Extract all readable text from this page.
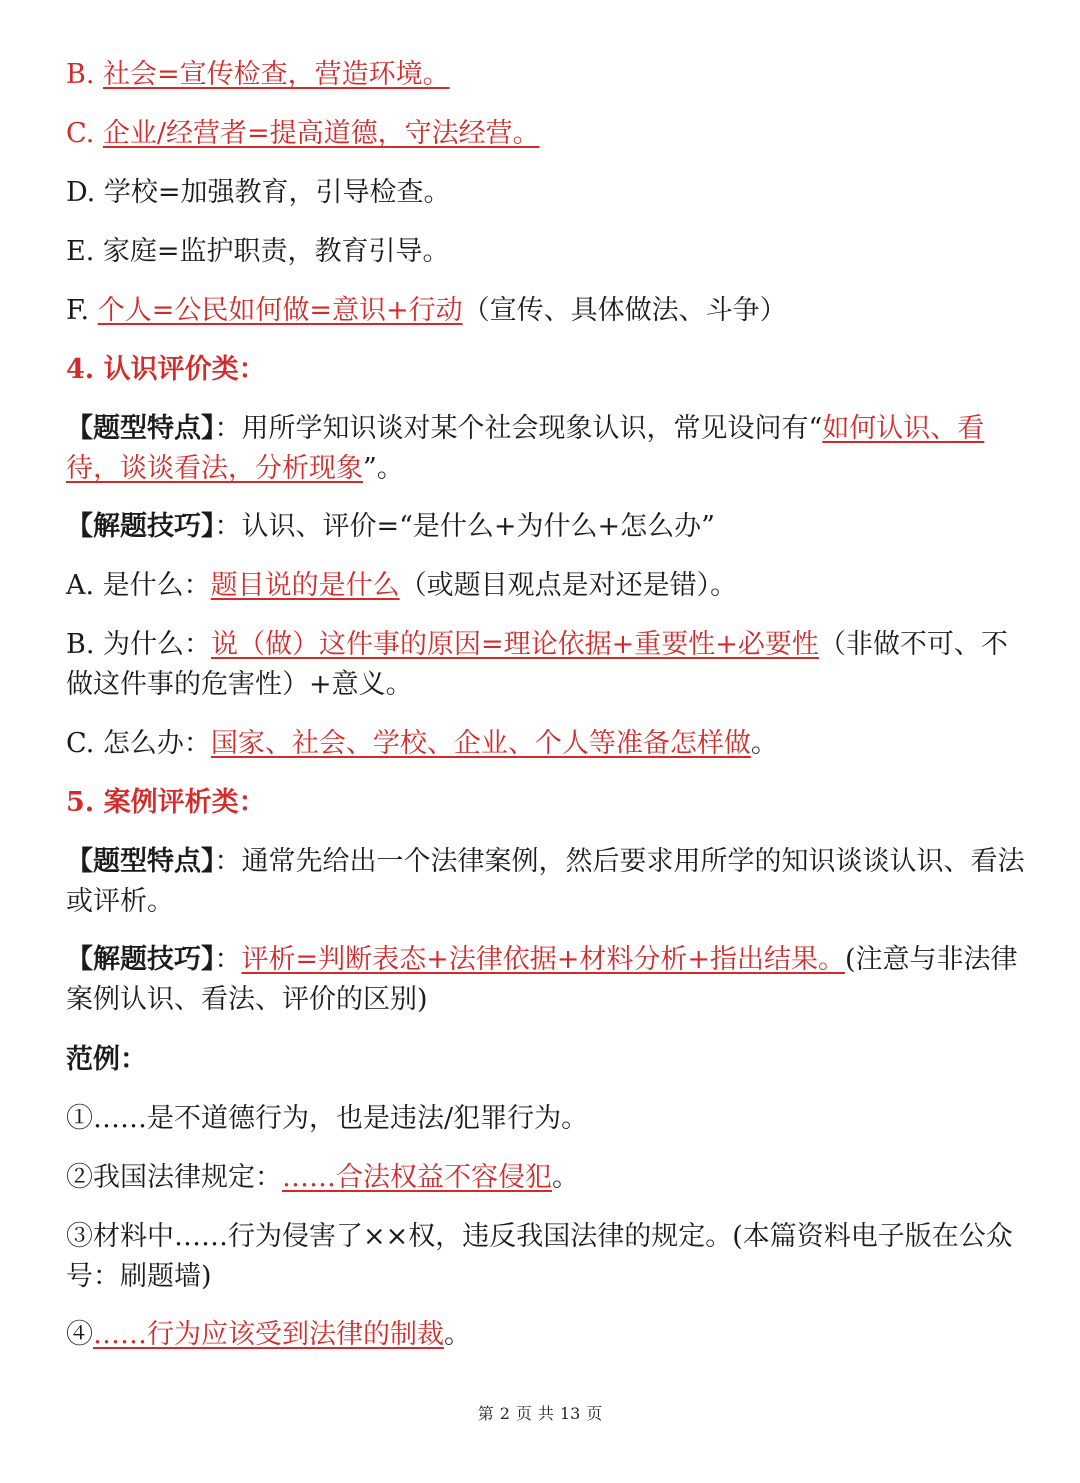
B. 社会=宣传检查，营造环境。
C. 企业/经营者=提高道德，守法经营。
D. 学校=加强教育，引导检查。
E. 家庭=监护职责，教育引导。
F. 个人=公民如何做=意识+行动（宣传、具体做法、斗争）
4. 认识评价类：
【题型特点】：用所学知识谈对某个社会现象认识，常见设问有“如何认识、看待，谈谈看法，分析现象”。
【解题技巧】：认识、评价=“是什么+为什么+怎么办”
A. 是什么：题目说的是什么（或题目观点是对还是错）。
B. 为什么：说（做）这件事的原因=理论依据+重要性+必要性（非做不可、不做这件事的危害性）+意义。
C. 怎么办：国家、社会、学校、企业、个人等准备怎样做。
5. 案例评析类：
【题型特点】：通常先给出一个法律案例，然后要求用所学的知识谈谈认识、看法或评析。
【解题技巧】：评析=判断表态+法律依据+材料分析+指出结果。(注意与非法律案例认识、看法、评价的区别)
范例：
①……是不道德行为，也是违法/犯罪行为。
②我国法律规定：……合法权益不容侵犯。
③材料中……行为侵害了××权，违反我国法律的规定。(本篇资料电子版在公众号：刷题墙)
④……行为应该受到法律的制裁。
第 2 页 共 13 页
